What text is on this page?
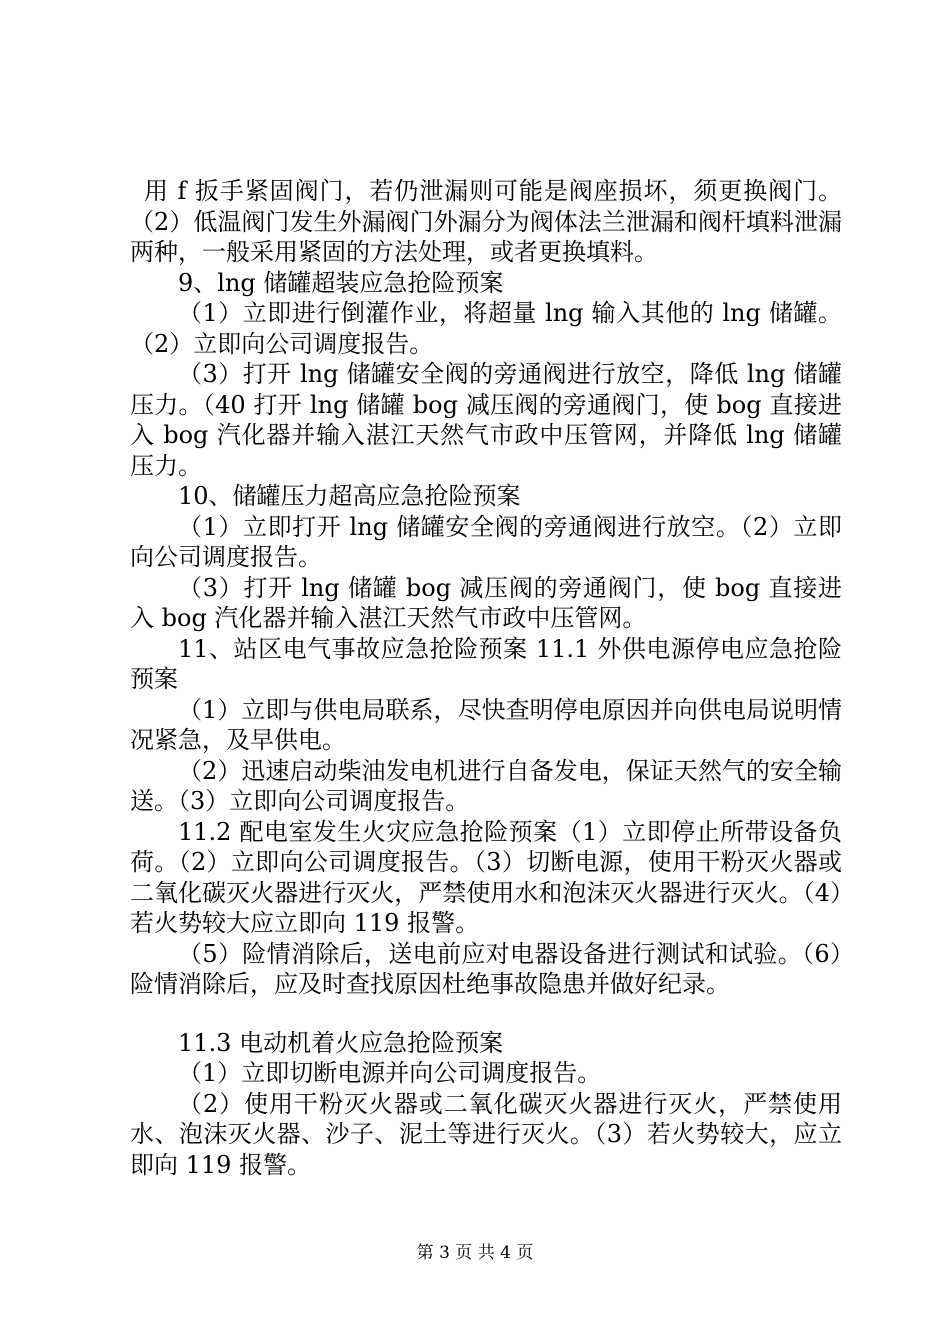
用 f 扳手紧固阀门，若仍泄漏则可能是阀座损坏，须更换阀门。（2）低温阀门发生外漏阀门外漏分为阀体法兰泄漏和阀杆填料泄漏两种，一般采用紧固的方法处理，或者更换填料。

9、lng 储罐超装应急抢险预案

（1）立即进行倒灌作业，将超量 lng 输入其他的 lng 储罐。（2）立即向公司调度报告。

（3）打开 lng 储罐安全阀的旁通阀进行放空，降低 lng 储罐压力。（40 打开 lng 储罐 bog 减压阀的旁通阀门，使 bog 直接进入 bog 汽化器并输入湛江天然气市政中压管网，并降低 lng 储罐压力。

10、储罐压力超高应急抢险预案

（1）立即打开 lng 储罐安全阀的旁通阀进行放空。（2）立即向公司调度报告。

（3）打开 lng 储罐 bog 减压阀的旁通阀门，使 bog 直接进入 bog 汽化器并输入湛江天然气市政中压管网。

11、站区电气事故应急抢险预案 11.1 外供电源停电应急抢险预案

（1）立即与供电局联系，尽快查明停电原因并向供电局说明情况紧急，及早供电。

（2）迅速启动柴油发电机进行自备发电，保证天然气的安全输送。（3）立即向公司调度报告。

11.2 配电室发生火灾应急抢险预案（1）立即停止所带设备负荷。（2）立即向公司调度报告。（3）切断电源，使用干粉灭火器或二氧化碳灭火器进行灭火，严禁使用水和泡沫灭火器进行灭火。（4）若火势较大应立即向 119 报警。

（5）险情消除后，送电前应对电器设备进行测试和试验。（6）险情消除后，应及时查找原因杜绝事故隐患并做好纪录。

11.3 电动机着火应急抢险预案

（1）立即切断电源并向公司调度报告。

（2）使用干粉灭火器或二氧化碳灭火器进行灭火，严禁使用水、泡沫灭火器、沙子、泥土等进行灭火。（3）若火势较大，应立即向 119 报警。

第 3 页 共 4 页
